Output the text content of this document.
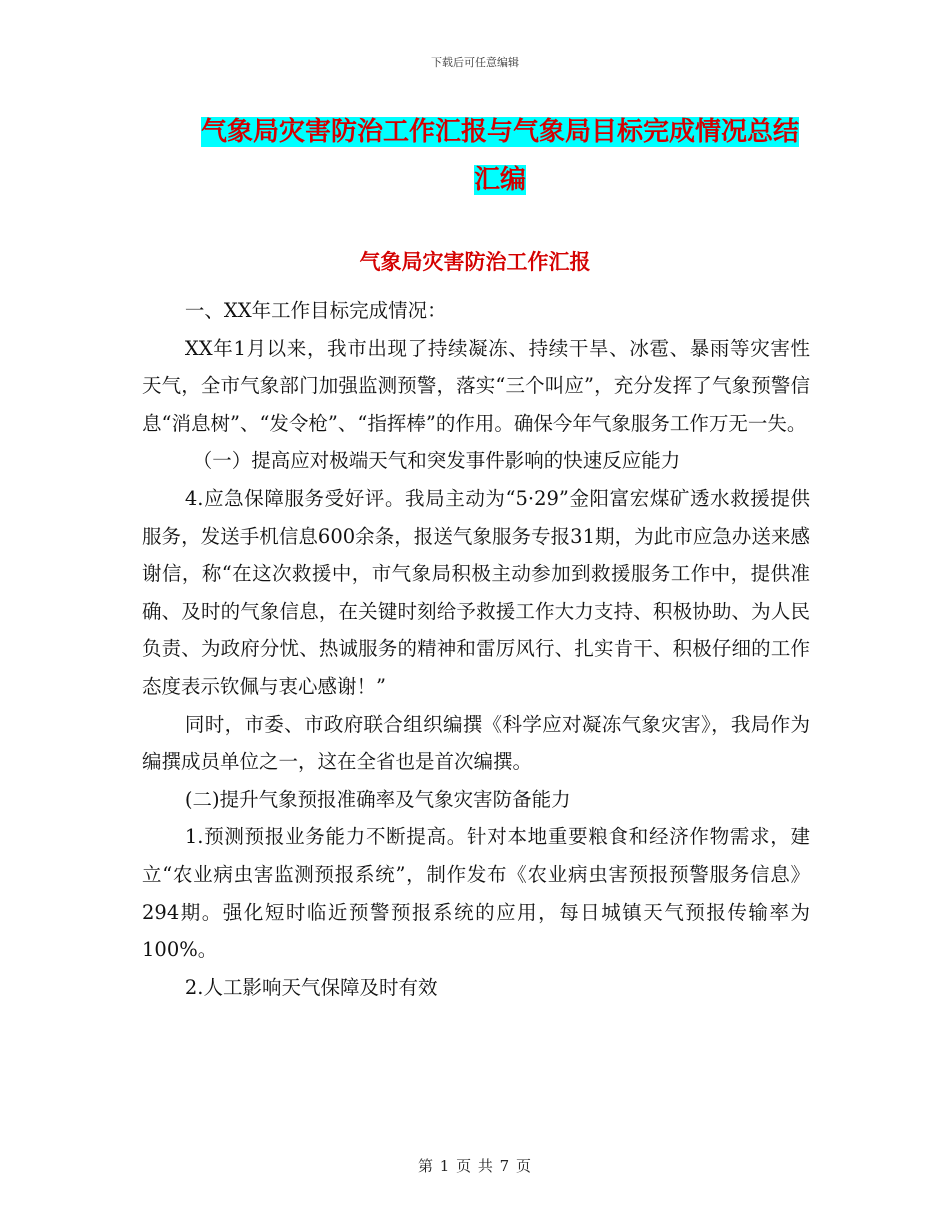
下载后可任意编辑
气象局灾害防治工作汇报与气象局目标完成情况总结
汇编
气象局灾害防治工作汇报

一、XX年工作目标完成情况：

XX年1月以来，我市出现了持续凝冻、持续干旱、冰雹、暴雨等灾害性天气，全市气象部门加强监测预警，落实“三个叫应”，充分发挥了气象预警信息“消息树”、“发令枪”、“指挥棒”的作用。确保今年气象服务工作万无一失。

（一）提高应对极端天气和突发事件影响的快速反应能力

4.应急保障服务受好评。我局主动为“5·29”金阳富宏煤矿透水救援提供服务，发送手机信息600余条，报送气象服务专报31期，为此市应急办送来感谢信，称“在这次救援中，市气象局积极主动参加到救援服务工作中，提供准确、及时的气象信息，在关键时刻给予救援工作大力支持、积极协助、为人民负责、为政府分忧、热诚服务的精神和雷厉风行、扎实肯干、积极仔细的工作态度表示钦佩与衷心感谢！”

同时，市委、市政府联合组织编撰《科学应对凝冻气象灾害》，我局作为编撰成员单位之一，这在全省也是首次编撰。

(二)提升气象预报准确率及气象灾害防备能力

1.预测预报业务能力不断提高。针对本地重要粮食和经济作物需求，建立“农业病虫害监测预报系统”，制作发布《农业病虫害预报预警服务信息》294期。强化短时临近预警预报系统的应用，每日城镇天气预报传输率为100%。

2.人工影响天气保障及时有效

第 1 页 共 7 页
